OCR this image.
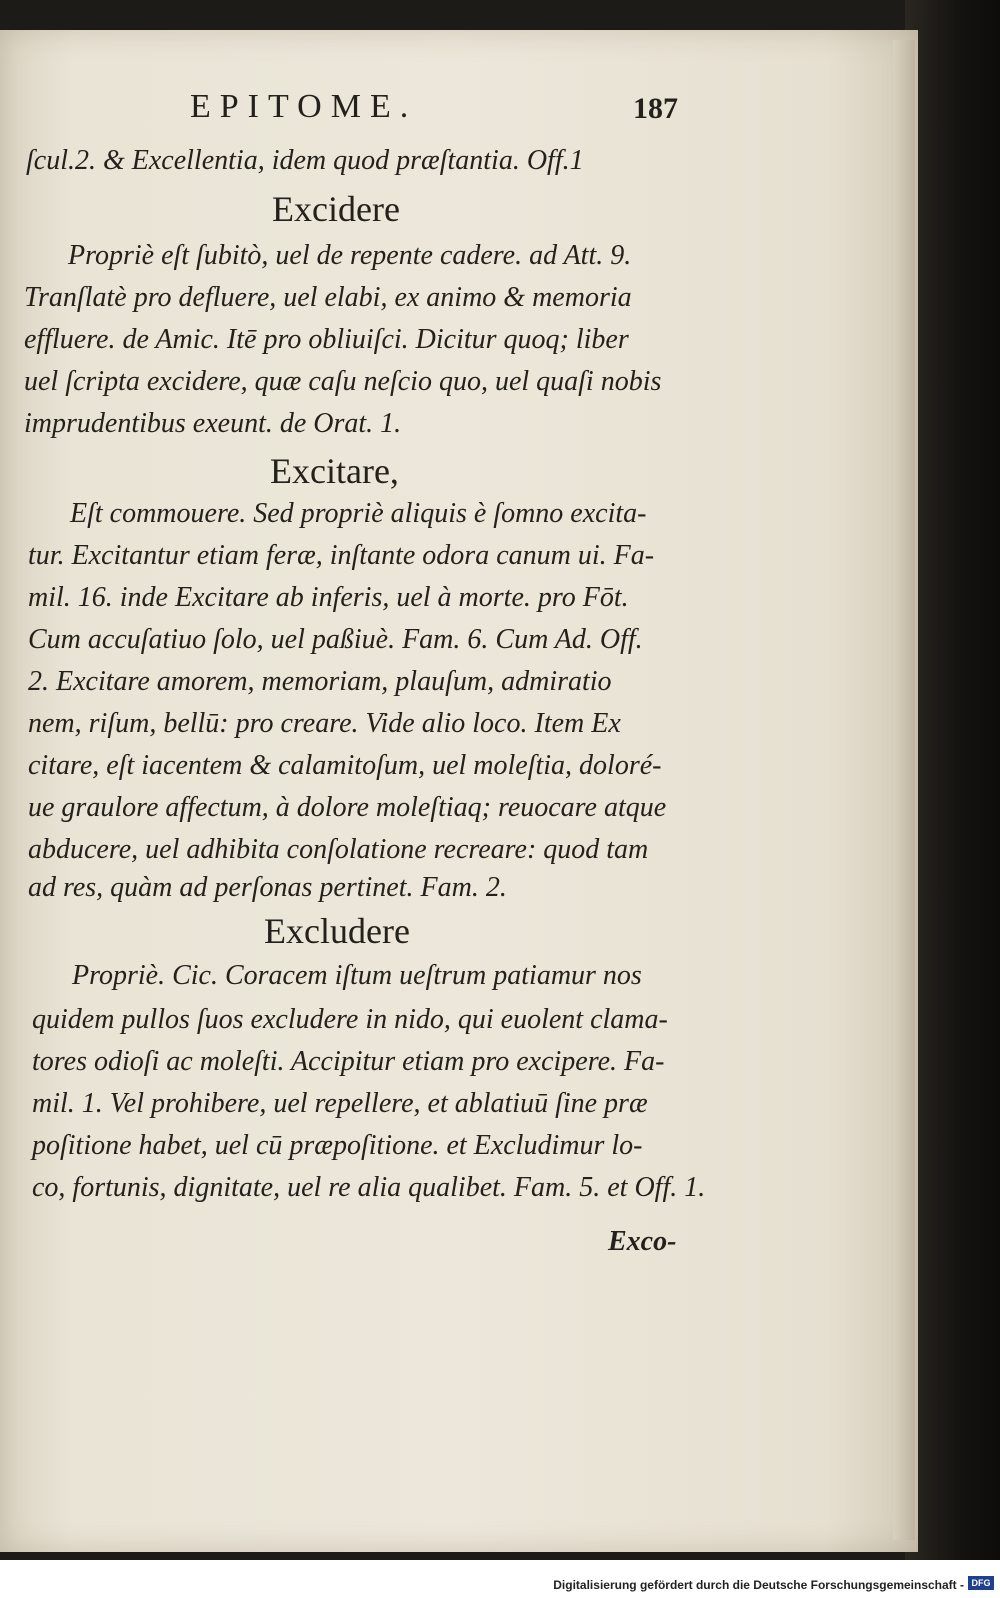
EPITOME.	187
ſcul.2. & Excellentia, idem quod præſtantia. Off.1
Excidere
Propriè eſt ſubitò, uel de repente cadere. ad Att. 9.
Tranſlatè pro defluere, uel elabi, ex animo & memoria
effluere. de Amic. Itē pro obliuiſci. Dicitur quoq; liber
uel ſcripta excidere, quæ caſu neſcio quo, uel quaſi nobis
imprudentibus exeunt. de Orat. 1.
Excitare,
Eſt commouere. Sed propriè aliquis è ſomno excita-
tur. Excitantur etiam feræ, inſtante odora canum ui. Fa-
mil. 16. inde Excitare ab inferis, uel à morte. pro Fōt.
Cum accuſatiuo ſolo, uel paßiuè. Fam. 6. Cum Ad. Off.
2. Excitare amorem, memoriam, plauſum, admiratio
nem, riſum, bellū: pro creare. Vide alio loco. Item Ex
citare, eſt iacentem & calamitoſum, uel moleſtia, doloré-
ue graulore affectum, à dolore moleſtiaq; reuocare atque
abducere, uel adhibita conſolatione recreare: quod tam
ad res, quàm ad perſonas pertinet. Fam. 2.
Excludere
Propriè. Cic. Coracem iſtum ueſtrum patiamur nos
quidem pullos ſuos excludere in nido, qui euolent clama-
tores odioſi ac moleſti. Accipitur etiam pro excipere. Fa-
mil. 1. Vel prohibere, uel repellere, et ablatiuū ſine præ
poſitione habet, uel cū præpoſitione. et Excludimur lo-
co, fortunis, dignitate, uel re alia qualibet. Fam. 5. et Off. 1.
Exco-
Digitalisierung gefördert durch die Deutsche Forschungsgemeinschaft - DFG
